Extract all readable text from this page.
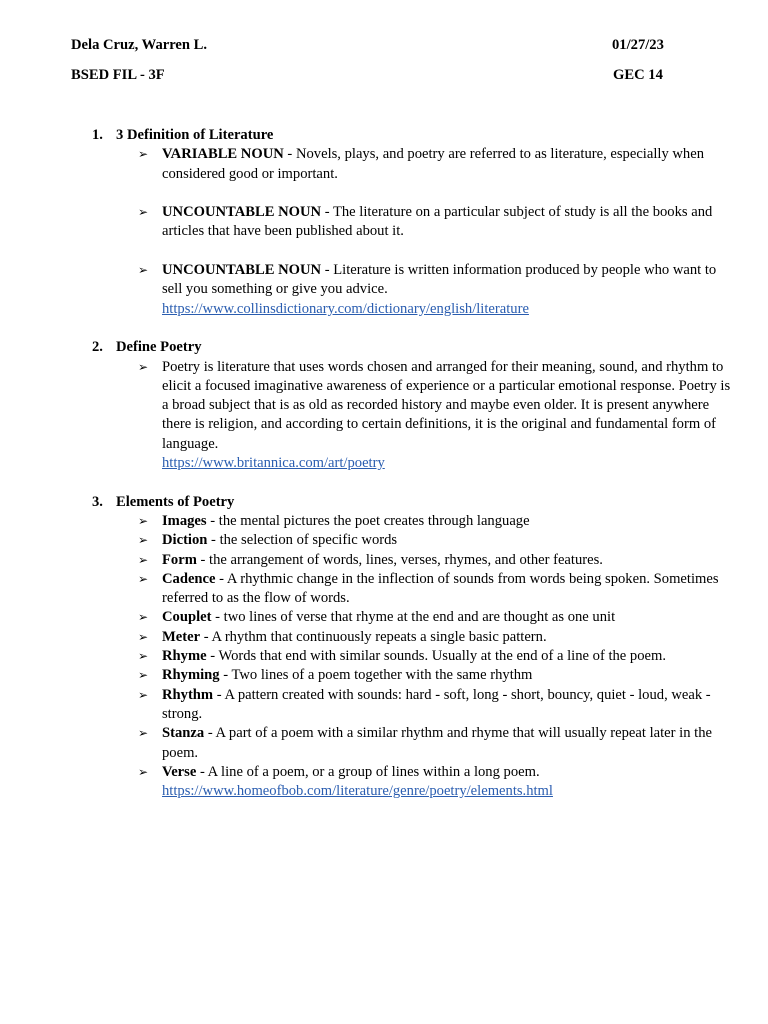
Dela Cruz, Warren L.
BSED FIL - 3F
01/27/23
GEC 14
1. 3 Definition of Literature
➢ VARIABLE NOUN - Novels, plays, and poetry are referred to as literature, especially when considered good or important.
➢ UNCOUNTABLE NOUN - The literature on a particular subject of study is all the books and articles that have been published about it.
➢ UNCOUNTABLE NOUN - Literature is written information produced by people who want to sell you something or give you advice.
https://www.collinsdictionary.com/dictionary/english/literature
2. Define Poetry
➢ Poetry is literature that uses words chosen and arranged for their meaning, sound, and rhythm to elicit a focused imaginative awareness of experience or a particular emotional response. Poetry is a broad subject that is as old as recorded history and maybe even older. It is present anywhere there is religion, and according to certain definitions, it is the original and fundamental form of language.
https://www.britannica.com/art/poetry
3. Elements of Poetry
➢ Images - the mental pictures the poet creates through language
➢ Diction - the selection of specific words
➢ Form - the arrangement of words, lines, verses, rhymes, and other features.
➢ Cadence - A rhythmic change in the inflection of sounds from words being spoken. Sometimes referred to as the flow of words.
➢ Couplet - two lines of verse that rhyme at the end and are thought as one unit
➢ Meter - A rhythm that continuously repeats a single basic pattern.
➢ Rhyme - Words that end with similar sounds. Usually at the end of a line of the poem.
➢ Rhyming - Two lines of a poem together with the same rhythm
➢ Rhythm - A pattern created with sounds: hard - soft, long - short, bouncy, quiet - loud, weak - strong.
➢ Stanza - A part of a poem with a similar rhythm and rhyme that will usually repeat later in the poem.
➢ Verse - A line of a poem, or a group of lines within a long poem.
https://www.homeofbob.com/literature/genre/poetry/elements.html
